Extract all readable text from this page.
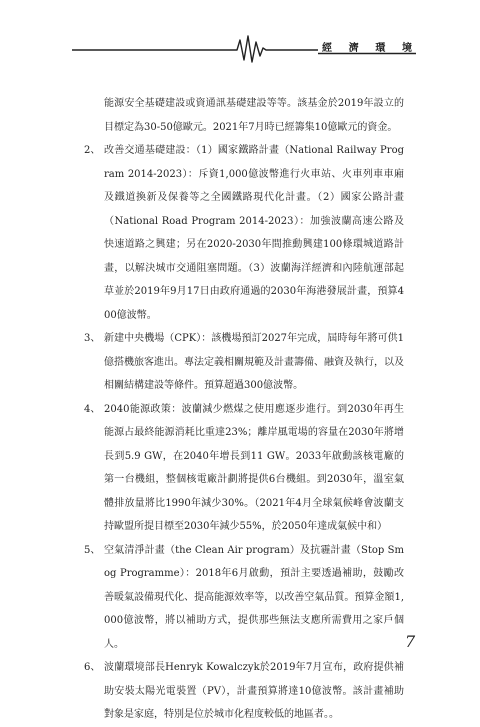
經 濟 環 境
能源安全基礎建設或資通訊基礎建設等等。該基金於2019年設立的目標定為30-50億歐元。2021年7月時已經籌集10億歐元的資金。
2、 改善交通基礎建設：（1）國家鐵路計畫（National Railway Program 2014-2023）：斥資1,000億波幣進行火車站、火車列車車廂及鐵道換新及保養等之全國鐵路現代化計畫。（2）國家公路計畫（National Road Program 2014-2023）：加強波蘭高速公路及快速道路之興建；另在2020-2030年間推動興建100條環城道路計畫，以解決城市交通阻塞問題。（3）波蘭海洋經濟和內陸航運部起草並於2019年9月17日由政府通過的2030年海港發展計畫，預算400億波幣。
3、 新建中央機場（CPK）：該機場預訂2027年完成，屆時每年將可供1億搭機旅客進出。專法定義相關規範及計畫籌備、融資及執行，以及相關結構建設等條件。預算超過300億波幣。
4、 2040能源政策：波蘭減少燃煤之使用應逐步進行。到2030年再生能源占最終能源消耗比重達23%；離岸風電場的容量在2030年將增長到5.9 GW，在2040年增長到11 GW。2033年啟動該核電廠的第一台機組，整個核電廠計劃將提供6台機組。到2030年，溫室氣體排放量將比1990年減少30%。（2021年4月全球氣候峰會波蘭支持歐盟所提目標至2030年減少55%，於2050年達成氣候中和）
5、 空氣清淨計畫（the Clean Air program）及抗霾計畫（Stop Smog Programme）：2018年6月啟動，預計主要透過補助，鼓勵改善暖氣設備現代化、提高能源效率等，以改善空氣品質。預算金額1,000億波幣，將以補助方式，提供那些無法支應所需費用之家戶個人。
6、 波蘭環境部長Henryk Kowalczyk於2019年7月宣布，政府提供補助安裝太陽光電裝置（PV），計畫預算將達10億波幣。該計畫補助對象是家庭，特別是位於城市化程度較低的地區者。。
7
